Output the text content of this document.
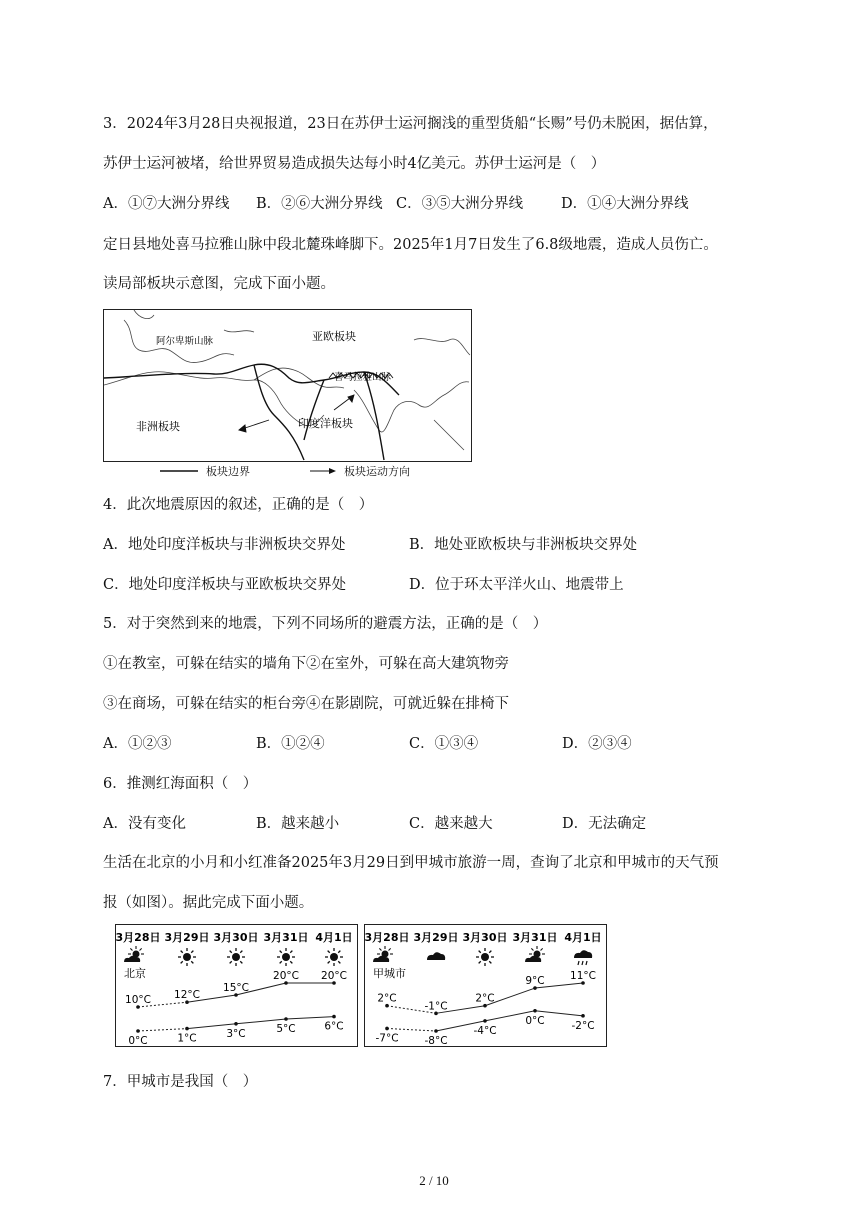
3．2024年3月28日央视报道，23日在苏伊士运河搁浅的重型货船“长赐”号仍未脱困，据估算，
苏伊士运河被堵，给世界贸易造成损失达每小时4亿美元。苏伊士运河是（　）
A．①⑦大洲分界线 B．②⑥大洲分界线 C．③⑤大洲分界线	D．①④大洲分界线
定日县地处喜马拉雅山脉中段北麓珠峰脚下。2025年1月7日发生了6.8级地震，造成人员伤亡。
读局部板块示意图，完成下面小题。
亚欧板块
阿尔卑斯山脉
喜马拉雅山脉
非洲板块	印度洋板块
板块边界	板块运动方向
4．此次地震原因的叙述，正确的是（　）
A．地处印度洋板块与非洲板块交界处	B．地处亚欧板块与非洲板块交界处
C．地处印度洋板块与亚欧板块交界处	D．位于环太平洋火山、地震带上
5．对于突然到来的地震，下列不同场所的避震方法，正确的是（　）
①在教室，可躲在结实的墙角下②在室外，可躲在高大建筑物旁
③在商场，可躲在结实的柜台旁④在影剧院，可就近躲在排椅下
A．①②③	B．①②④	C．①③④	D．②③④
6．推测红海面积（　）
A．没有变化	B．越来越小	C．越来越大	D．无法确定
生活在北京的小月和小红准备2025年3月29日到甲城市旅游一周，查询了北京和甲城市的天气预
报（如图）。据此完成下面小题。
3月28日 3月29日 3月30日 3月31日 4月1日
北京
10°C 12°C
15°C
20°C 20°C
0°C	1°C	3°C	5°C	6°C
3月28日 3月29日 3月30日 3月31日 4月1日
甲城市
2°C
-1°C
2°C
9°C 11°C
-7°C -8°C
-4°C
0°C	-2°C
7．甲城市是我国（　）
2 / 10
